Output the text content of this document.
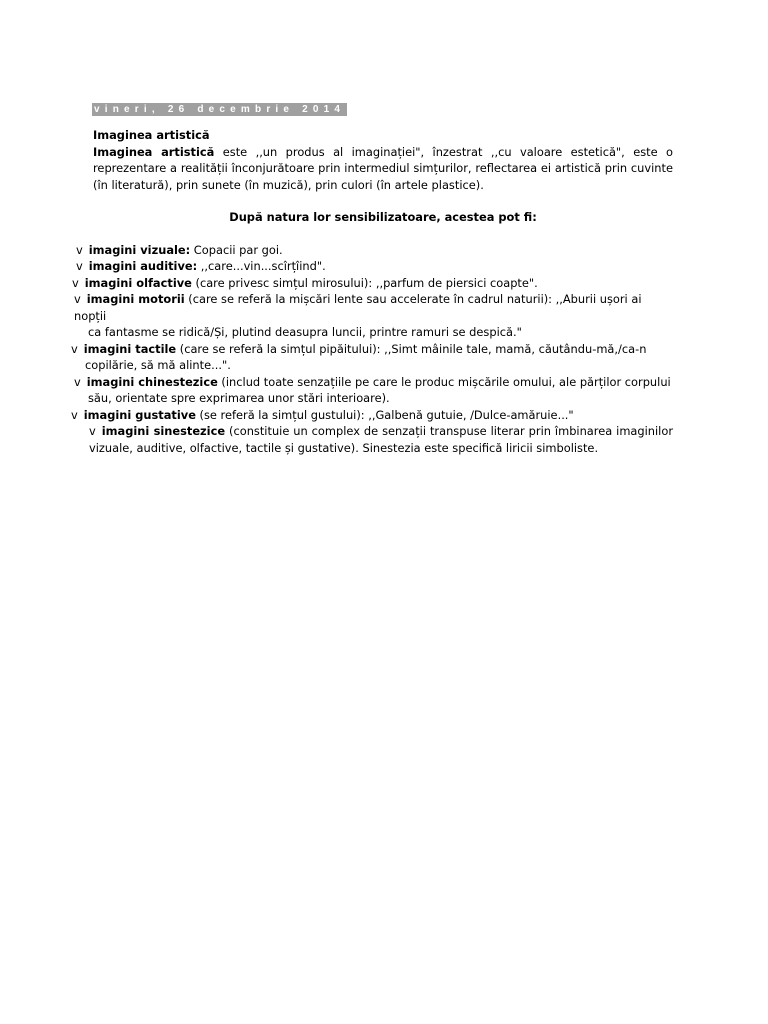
vineri, 26 decembrie 2014

Imaginea artistică

Imaginea artistică este ,,un produs al imaginației", înzestrat ,,cu valoare estetică", este o reprezentare a realității înconjurătoare prin intermediul simțurilor, reflectarea ei artistică prin cuvinte (în literatură), prin sunete (în muzică), prin culori (în artele plastice).

După natura lor sensibilizatoare, acestea pot fi:

v imagini vizuale: Copacii par goi.
v imagini auditive: ,,care...vin...scîrțîind".
v imagini olfactive (care privesc simțul mirosului): ,,parfum de piersici coapte".
v imagini motorii (care se referă la mișcări lente sau accelerate în cadrul naturii): ,,Aburii ușori ai nopții
ca fantasme se ridică/Și, plutind deasupra luncii, printre ramuri se despică."
v imagini tactile (care se referă la simțul pipăitului): ,,Simt mâinile tale, mamă, căutându-mă,/ca-n
copilărie, să mă alinte...".
v imagini chinestezice (includ toate senzațiile pe care le produc mișcările omului, ale părților corpului
său, orientate spre exprimarea unor stări interioare).
v imagini gustative (se referă la simțul gustului): ,,Galbenă gutuie, /Dulce-amăruie..."
v imagini sinestezice (constituie un complex de senzații transpuse literar prin îmbinarea imaginilor vizuale, auditive, olfactive, tactile și gustative). Sinestezia este specifică liricii simboliste.
